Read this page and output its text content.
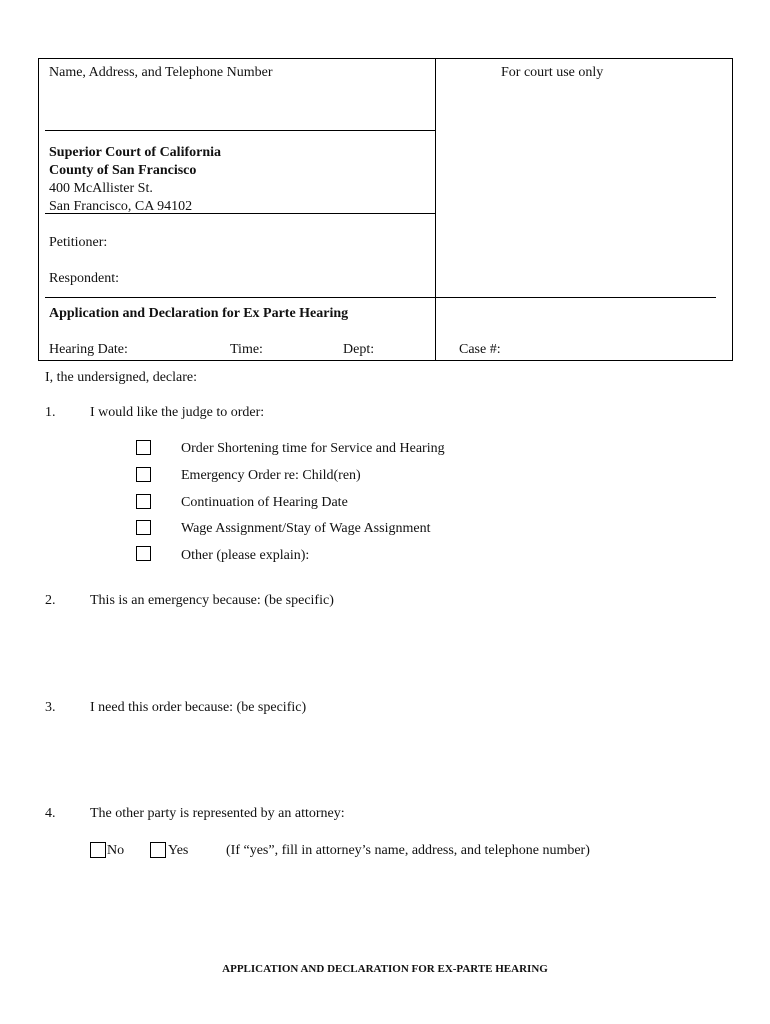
Name, Address, and Telephone Number	For court use only
Superior Court of California
County of San Francisco
400 McAllister St.
San Francisco, CA 94102
Petitioner:
Respondent:
Application and Declaration for Ex Parte Hearing
Hearing Date:	Time:	Dept:	Case #:
I, the undersigned, declare:
1. I would like the judge to order:
Order Shortening time for Service and Hearing
Emergency Order re: Child(ren)
Continuation of Hearing Date
Wage Assignment/Stay of Wage Assignment
Other (please explain):
2. This is an emergency because: (be specific)
3. I need this order because: (be specific)
4. The other party is represented by an attorney:
No	Yes	(If “yes”, fill in attorney’s name, address, and telephone number)
APPLICATION AND DECLARATION FOR EX-PARTE HEARING
